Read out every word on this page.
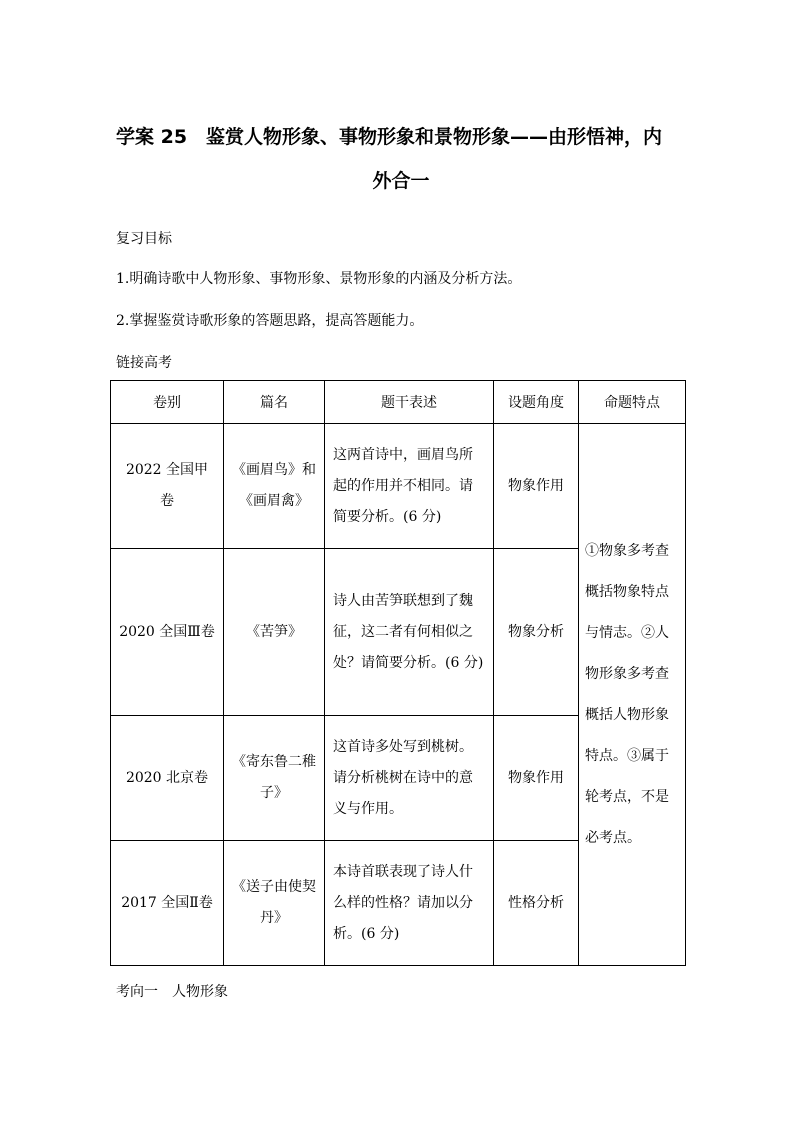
学案 25　鉴赏人物形象、事物形象和景物形象——由形悟神，内
外合一
复习目标
1.明确诗歌中人物形象、事物形象、景物形象的内涵及分析方法。
2.掌握鉴赏诗歌形象的答题思路，提高答题能力。
链接高考
卷别	篇名	题干表述	设题角度	命题特点
2022 全国甲卷	《画眉鸟》和《画眉禽》	这两首诗中，画眉鸟所起的作用并不相同。请简要分析。(6 分)	物象作用	①物象多考查概括物象特点与情志。②人物形象多考查概括人物形象特点。③属于轮考点，不是必考点。
2020 全国Ⅲ卷	《苦笋》	诗人由苦笋联想到了魏征，这二者有何相似之处？请简要分析。(6 分)	物象分析	
2020 北京卷	《寄东鲁二稚子》	这首诗多处写到桃树。请分析桃树在诗中的意义与作用。	物象作用	
2017 全国Ⅱ卷	《送子由使契丹》	本诗首联表现了诗人什么样的性格？请加以分析。(6 分)	性格分析	
考向一　人物形象
